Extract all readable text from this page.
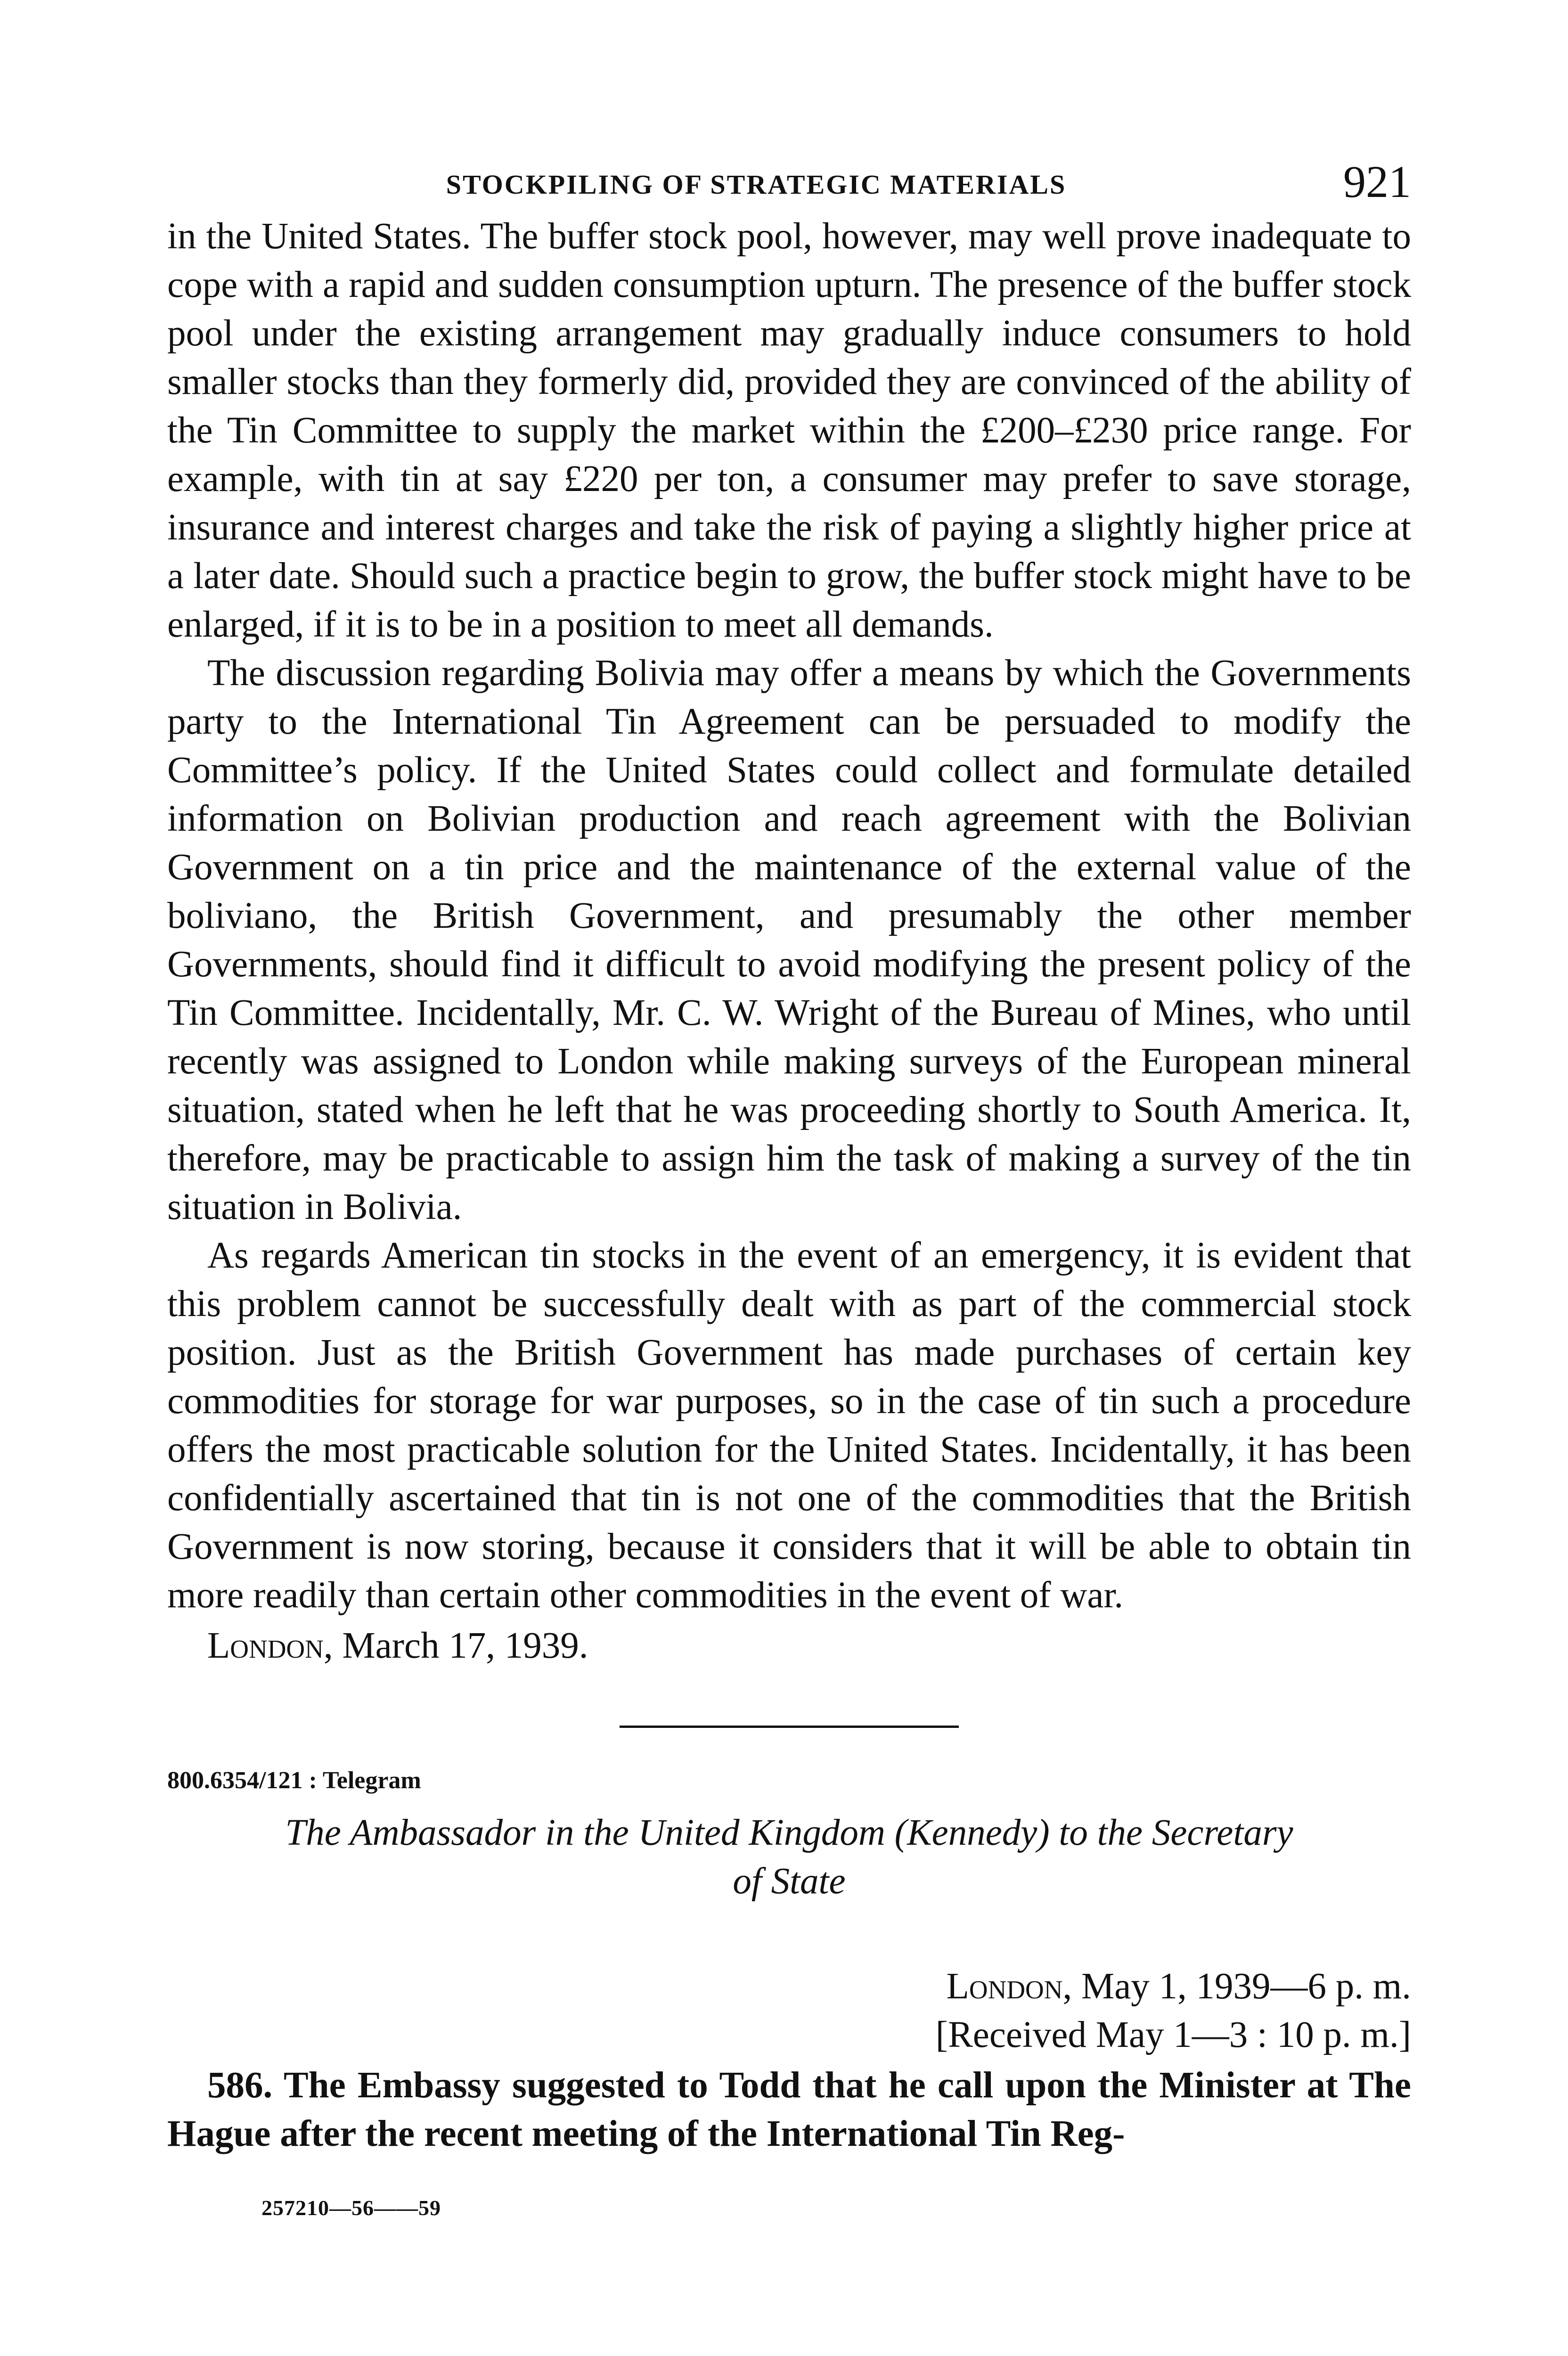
STOCKPILING OF STRATEGIC MATERIALS	921

in the United States. The buffer stock pool, however, may well prove inadequate to cope with a rapid and sudden consumption upturn. The presence of the buffer stock pool under the existing arrangement may gradually induce consumers to hold smaller stocks than they formerly did, provided they are convinced of the ability of the Tin Committee to supply the market within the £200–£230 price range. For example, with tin at say £220 per ton, a consumer may prefer to save storage, insurance and interest charges and take the risk of paying a slightly higher price at a later date. Should such a practice begin to grow, the buffer stock might have to be enlarged, if it is to be in a position to meet all demands.

The discussion regarding Bolivia may offer a means by which the Governments party to the International Tin Agreement can be persuaded to modify the Committee’s policy. If the United States could collect and formulate detailed information on Bolivian production and reach agreement with the Bolivian Government on a tin price and the maintenance of the external value of the boliviano, the British Government, and presumably the other member Governments, should find it difficult to avoid modifying the present policy of the Tin Committee. Incidentally, Mr. C. W. Wright of the Bureau of Mines, who until recently was assigned to London while making surveys of the European mineral situation, stated when he left that he was proceeding shortly to South America. It, therefore, may be practicable to assign him the task of making a survey of the tin situation in Bolivia.

As regards American tin stocks in the event of an emergency, it is evident that this problem cannot be successfully dealt with as part of the commercial stock position. Just as the British Government has made purchases of certain key commodities for storage for war purposes, so in the case of tin such a procedure offers the most practicable solution for the United States. Incidentally, it has been confidentially ascertained that tin is not one of the commodities that the British Government is now storing, because it considers that it will be able to obtain tin more readily than certain other commodities in the event of war.

London, March 17, 1939.

800.6354/121 : Telegram
The Ambassador in the United Kingdom (Kennedy) to the Secretary
of State
London, May 1, 1939—6 p. m.
[Received May 1—3 : 10 p. m.]

586. The Embassy suggested to Todd that he call upon the Minister at The Hague after the recent meeting of the International Tin Reg-

257210—56——59
